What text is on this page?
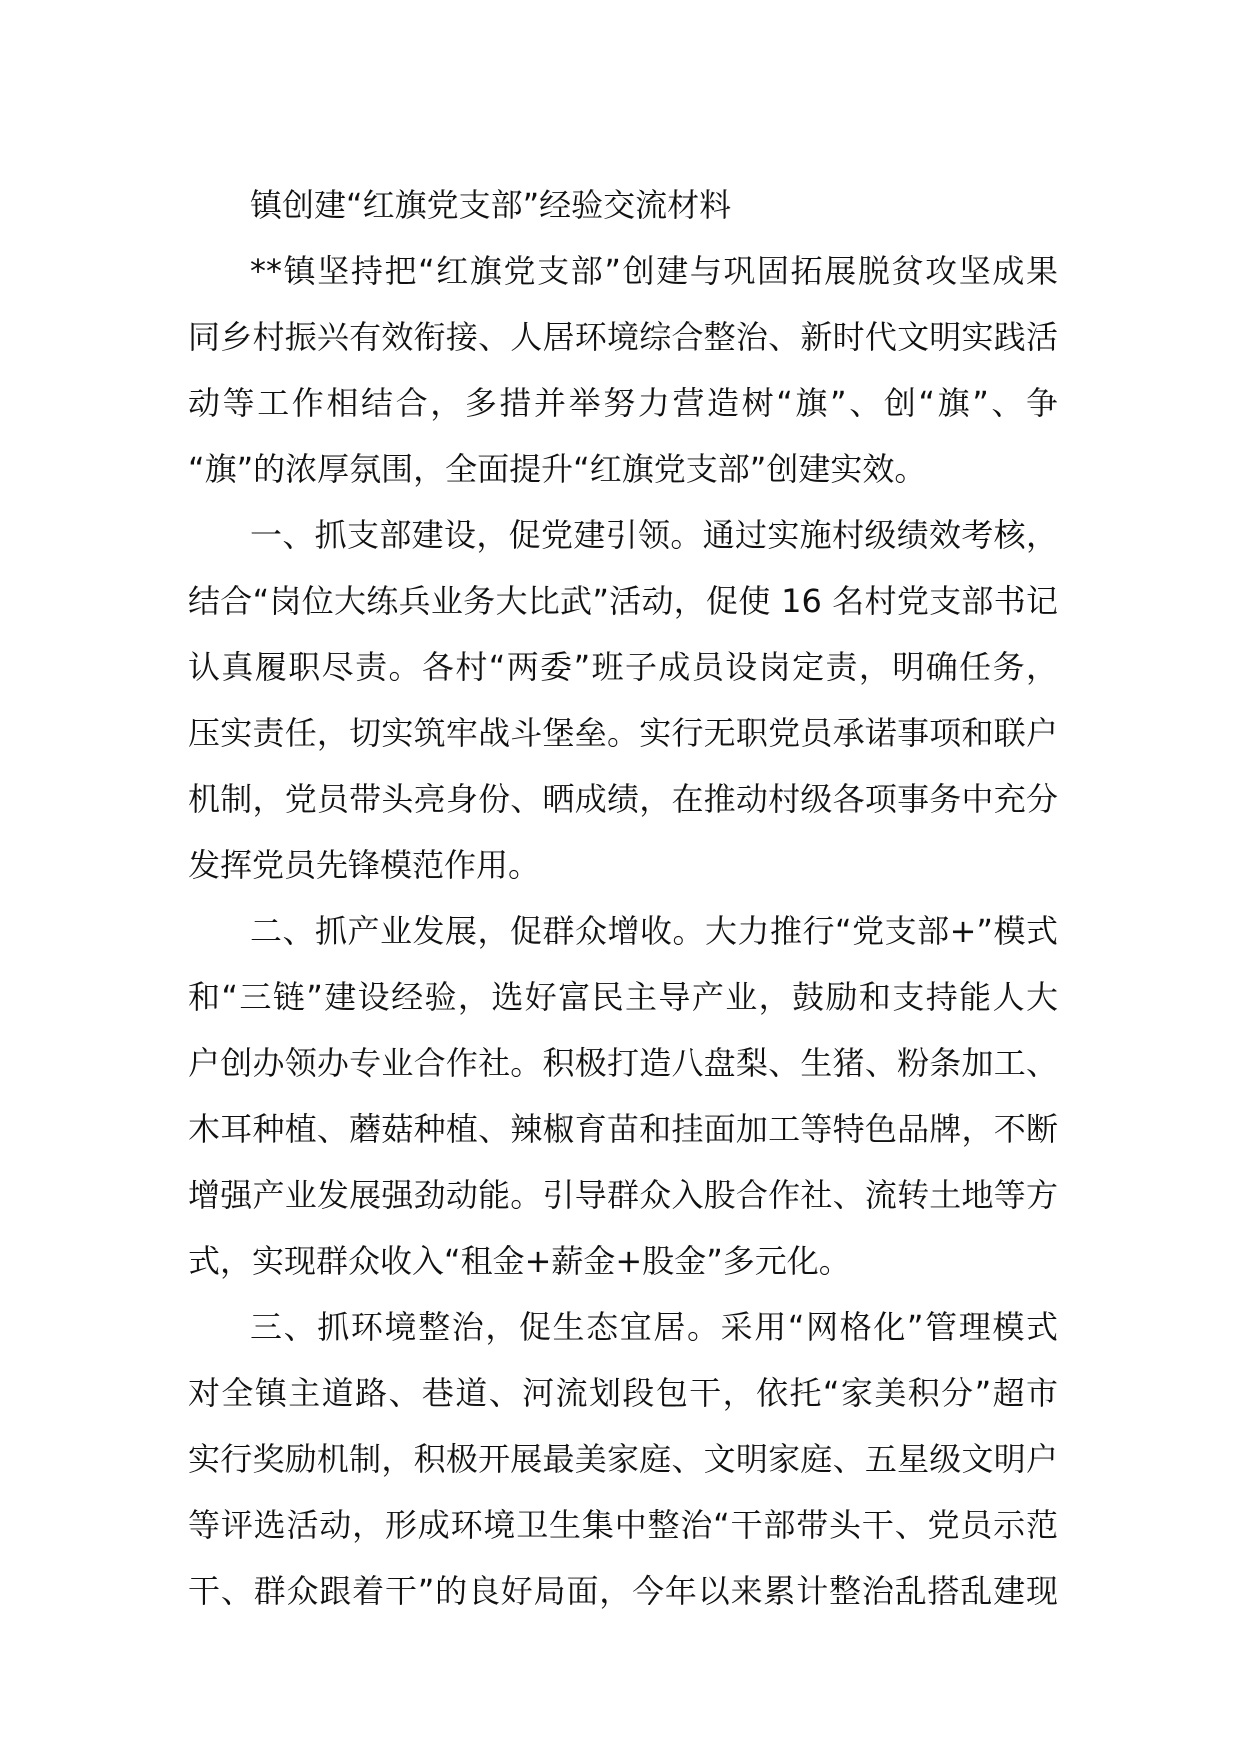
镇创建“红旗党支部”经验交流材料
**镇坚持把“红旗党支部”创建与巩固拓展脱贫攻坚成果
同乡村振兴有效衔接、人居环境综合整治、新时代文明实践活
动等工作相结合，多措并举努力营造树“旗”、创“旗”、争
“旗”的浓厚氛围，全面提升“红旗党支部”创建实效。
一、抓支部建设，促党建引领。通过实施村级绩效考核，
结合“岗位大练兵业务大比武”活动，促使 16 名村党支部书记
认真履职尽责。各村“两委”班子成员设岗定责，明确任务，
压实责任，切实筑牢战斗堡垒。实行无职党员承诺事项和联户
机制，党员带头亮身份、晒成绩，在推动村级各项事务中充分
发挥党员先锋模范作用。
二、抓产业发展，促群众增收。大力推行“党支部+”模式
和“三链”建设经验，选好富民主导产业，鼓励和支持能人大
户创办领办专业合作社。积极打造八盘梨、生猪、粉条加工、
木耳种植、蘑菇种植、辣椒育苗和挂面加工等特色品牌，不断
增强产业发展强劲动能。引导群众入股合作社、流转土地等方
式，实现群众收入“租金+薪金+股金”多元化。
三、抓环境整治，促生态宜居。采用“网格化”管理模式
对全镇主道路、巷道、河流划段包干，依托“家美积分”超市
实行奖励机制，积极开展最美家庭、文明家庭、五星级文明户
等评选活动，形成环境卫生集中整治“干部带头干、党员示范
干、群众跟着干”的良好局面，今年以来累计整治乱搭乱建现
